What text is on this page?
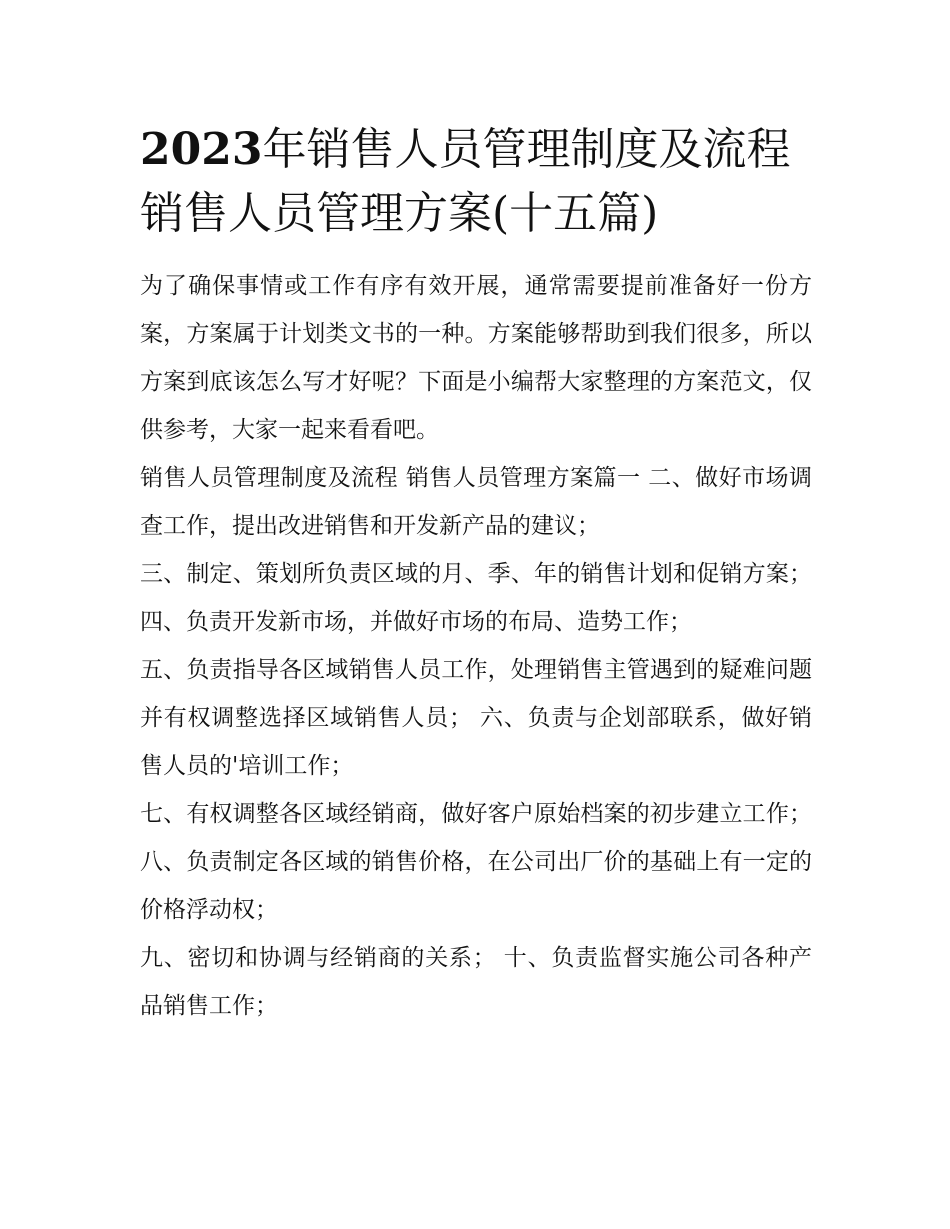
2023年销售人员管理制度及流程 销售人员管理方案(十五篇)

为了确保事情或工作有序有效开展，通常需要提前准备好一份方案，方案属于计划类文书的一种。方案能够帮助到我们很多，所以方案到底该怎么写才好呢？下面是小编帮大家整理的方案范文，仅供参考，大家一起来看看吧。

销售人员管理制度及流程 销售人员管理方案篇一 二、做好市场调查工作，提出改进销售和开发新产品的建议；

三、制定、策划所负责区域的月、季、年的销售计划和促销方案； 四、负责开发新市场，并做好市场的布局、造势工作；

五、负责指导各区域销售人员工作，处理销售主管遇到的疑难问题并有权调整选择区域销售人员； 六、负责与企划部联系，做好销售人员的'培训工作；

七、有权调整各区域经销商，做好客户原始档案的初步建立工作； 八、负责制定各区域的销售价格，在公司出厂价的基础上有一定的价格浮动权；

九、密切和协调与经销商的关系； 十、负责监督实施公司各种产品销售工作；
